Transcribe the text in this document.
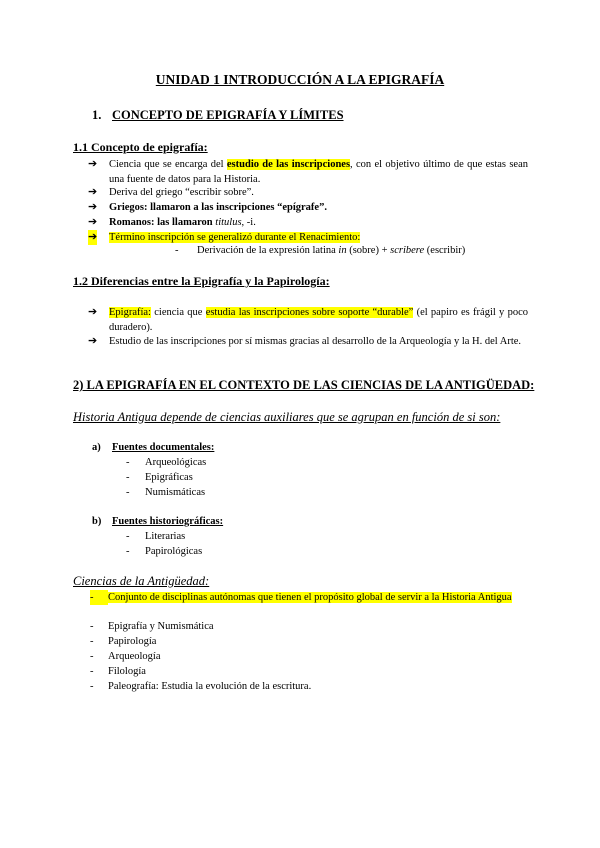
UNIDAD 1 INTRODUCCIÓN A LA EPIGRAFÍA
1. CONCEPTO DE EPIGRAFÍA Y LÍMITES
1.1 Concepto de epigrafía:
➔ Ciencia que se encarga del estudio de las inscripciones, con el objetivo último de que estas sean una fuente de datos para la Historia.
➔ Deriva del griego “escribir sobre”.
➔ Griegos: llamaron a las inscripciones “epígrafe”.
➔ Romanos: las llamaron titulus, -i.
➔ Término inscripción se generalizó durante el Renacimiento:
- Derivación de la expresión latina in (sobre) + scribere (escribir)
1.2 Diferencias entre la Epigrafía y la Papirología:
➔ Epigrafía: ciencia que estudia las inscripciones sobre soporte “durable” (el papiro es frágil y poco duradero).
➔ Estudio de las inscripciones por sí mismas gracias al desarrollo de la Arqueología y la H. del Arte.
2) LA EPIGRAFÍA EN EL CONTEXTO DE LAS CIENCIAS DE LA ANTIGÜEDAD:
Historia Antigua depende de ciencias auxiliares que se agrupan en función de si son:
a) Fuentes documentales:
- Arqueológicas
- Epigráficas
- Numismáticas
b) Fuentes historiográficas:
- Literarias
- Papirológicas
Ciencias de la Antigüedad:
-	Conjunto de disciplinas autónomas que tienen el propósito global de servir a la Historia Antigua
-	Epigrafía y Numismática
-	Papirología
-	Arqueología
-	Filología
-	Paleografía: Estudia la evolución de la escritura.
